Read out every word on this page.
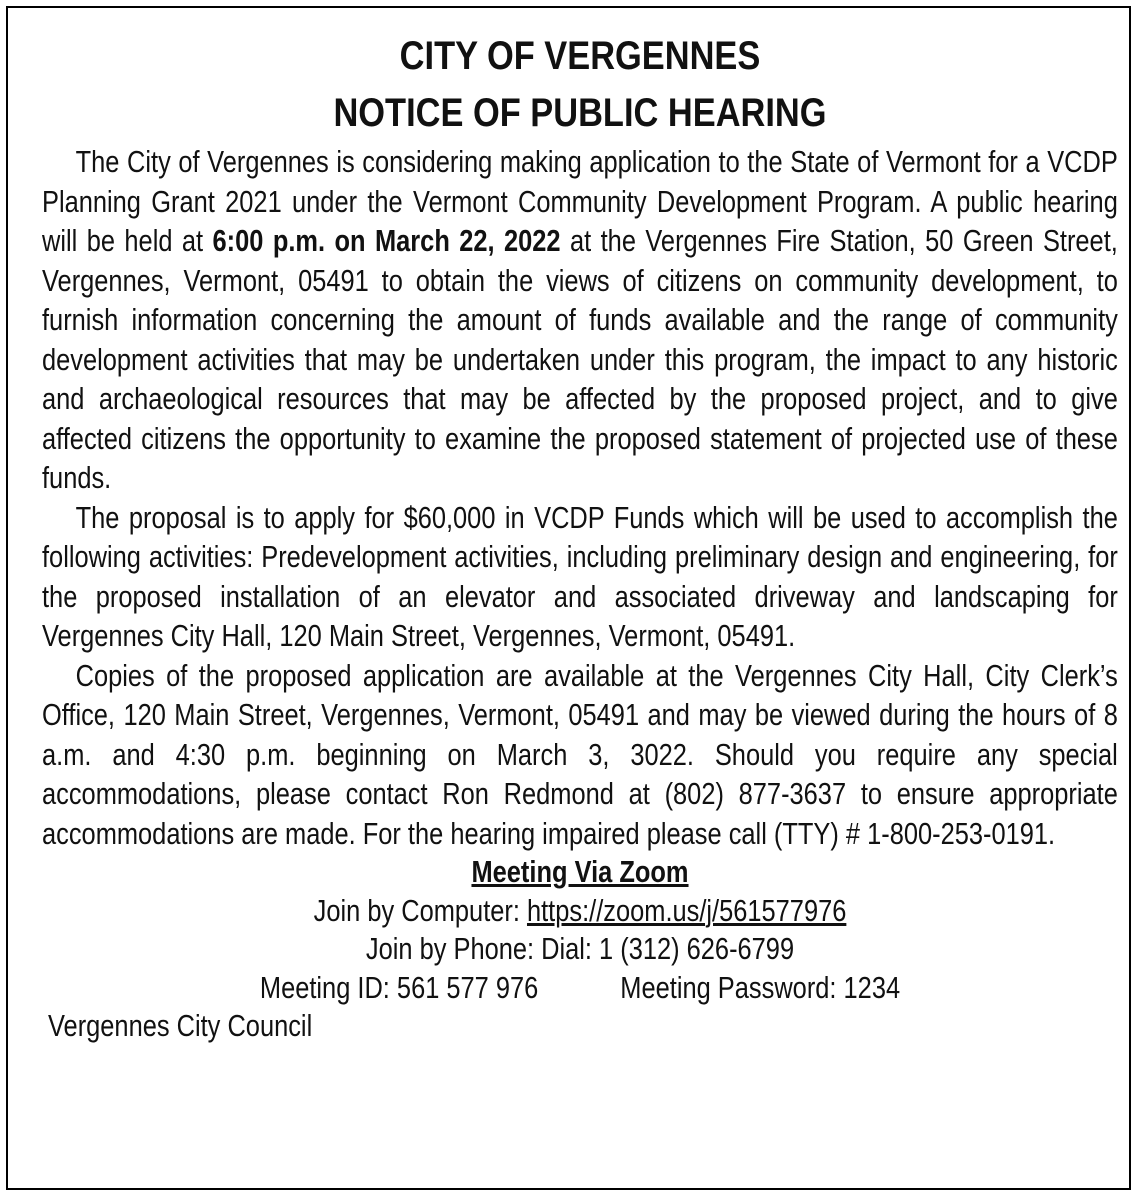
CITY OF VERGENNES
NOTICE OF PUBLIC HEARING

The City of Vergennes is considering making application to the State of Vermont for a VCDP Planning Grant 2021 under the Vermont Community Development Program. A public hearing will be held at 6:00 p.m. on March 22, 2022 at the Vergennes Fire Station, 50 Green Street, Vergennes, Vermont, 05491 to obtain the views of citizens on community development, to furnish information concerning the amount of funds available and the range of community development activities that may be undertaken under this program, the impact to any historic and archaeological resources that may be affected by the proposed project, and to give affected citizens the opportunity to examine the proposed statement of projected use of these funds.

The proposal is to apply for $60,000 in VCDP Funds which will be used to accomplish the following activities: Predevelopment activities, including preliminary design and engineering, for the proposed installation of an elevator and associated driveway and landscaping for Vergennes City Hall, 120 Main Street, Vergennes, Vermont, 05491.

Copies of the proposed application are available at the Vergennes City Hall, City Clerk’s Office, 120 Main Street, Vergennes, Vermont, 05491 and may be viewed during the hours of 8 a.m. and 4:30 p.m. beginning on March 3, 3022. Should you require any special accommodations, please contact Ron Redmond at (802) 877-3637 to ensure appropriate accommodations are made. For the hearing impaired please call (TTY) # 1-800-253-0191.

Meeting Via Zoom
Join by Computer: https://zoom.us/j/561577976
Join by Phone: Dial: 1 (312) 626-6799
Meeting ID: 561 577 976	Meeting Password: 1234
Vergennes City Council
